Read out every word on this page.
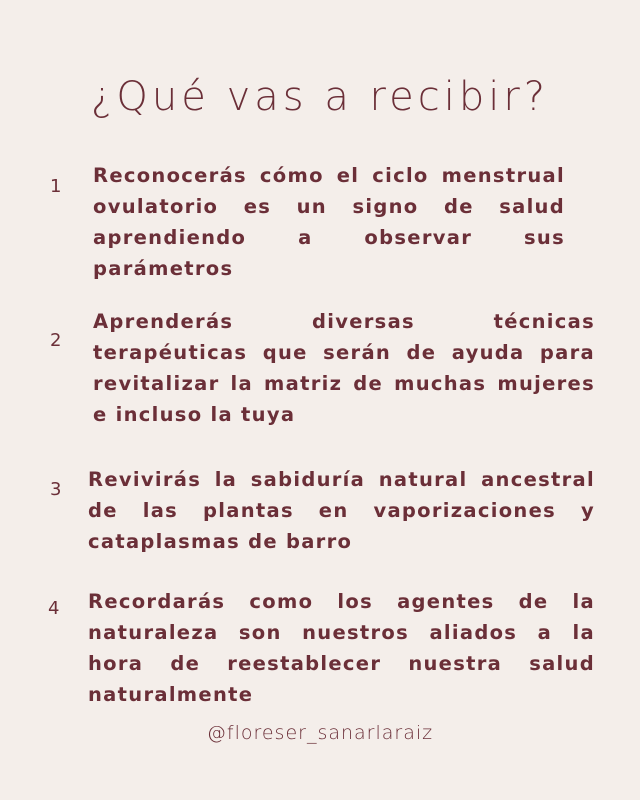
¿Qué vas a recibir?
1 Reconocerás cómo el ciclo menstrual ovulatorio es un signo de salud aprendiendo a observar sus parámetros

2

Aprenderás diversas técnicas terapéuticas que serán de ayuda para revitalizar la matriz de muchas mujeres e incluso la tuya

3 Revivirás la sabiduría natural ancestral de las plantas en vaporizaciones y cataplasmas de barro

4 Recordarás como los agentes de la naturaleza son nuestros aliados a la hora de reestablecer nuestra salud naturalmente

@floreser_sanarlaraiz
